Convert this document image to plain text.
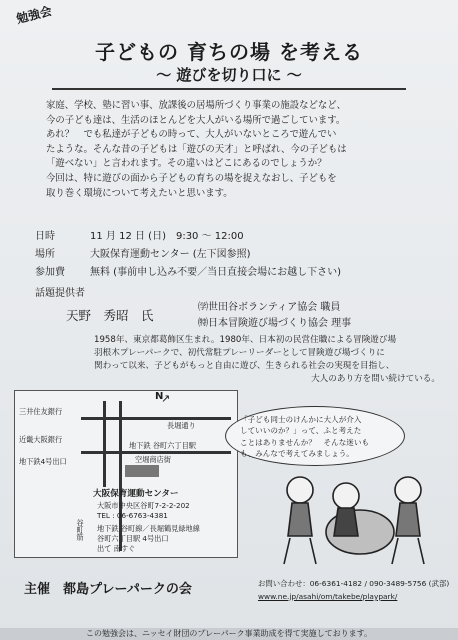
勉強会
子どもの 育ちの場 を考える
〜 遊びを切り口に 〜

家庭、学校、塾に習い事、放課後の居場所づくり事業の施設などなど、

今の子ども達は、生活のほとんどを大人がいる場所で過ごしています。

あれ？　でも私達が子どもの時って、大人がいないところで遊んでい

たような。そんな昔の子どもは「遊びの天才」と呼ばれ、今の子どもは

「遊べない」と言われます。その違いはどこにあるのでしょうか？

今回は、特に遊びの面から子どもの育ちの場を捉えなおし、子どもを

取り巻く環境について考えたいと思います。

日時	11 月 12 日 (日)　9:30 〜 12:00
場所	大阪保育運動センター (左下図参照)
参加費	無料 (事前申し込み不要／当日直接会場にお越し下さい)
話題提供者
天野　秀昭　氏
㈻世田谷ボランティア協会 職員
㈵日本冒険遊び場づくり協会 理事

1958年、東京都葛飾区生まれ。1980年、日本初の民営住職による冒険遊び場

羽根木プレーパークで、初代常駐プレーリーダーとして冒険遊び場づくりに

関わって以来、子どもがもっと自由に遊び、生きられる社会の実現を目指し、

大人のあり方を問い続けている。

N
↗
三井住友銀行
長堀通り
近畿大阪銀行
地下鉄 谷町六丁目駅
地下鉄4号出口	空堀商店街
谷町筋
大阪保育運動センター
大阪市中央区谷町7-2-2-202
TEL : 06-6763-4381
地下鉄 谷町線／長堀鶴見緑地線
谷町六丁目駅 4号出口
出て 南すぐ

「子ども同士のけんかに大人が介入

していいのか？」って、ふと考えた

ことはありませんか？　そんな迷いも

も、みんなで考えてみましょう。

主催　 都島プレーパークの会	お問い合わせ：06-6361-4182 / 090-3489-5756 (武部)
www.ne.jp/asahi/om/takebe/playpark/
この勉強会は、ニッセイ財団のプレーパーク事業助成を得て実施しております。
